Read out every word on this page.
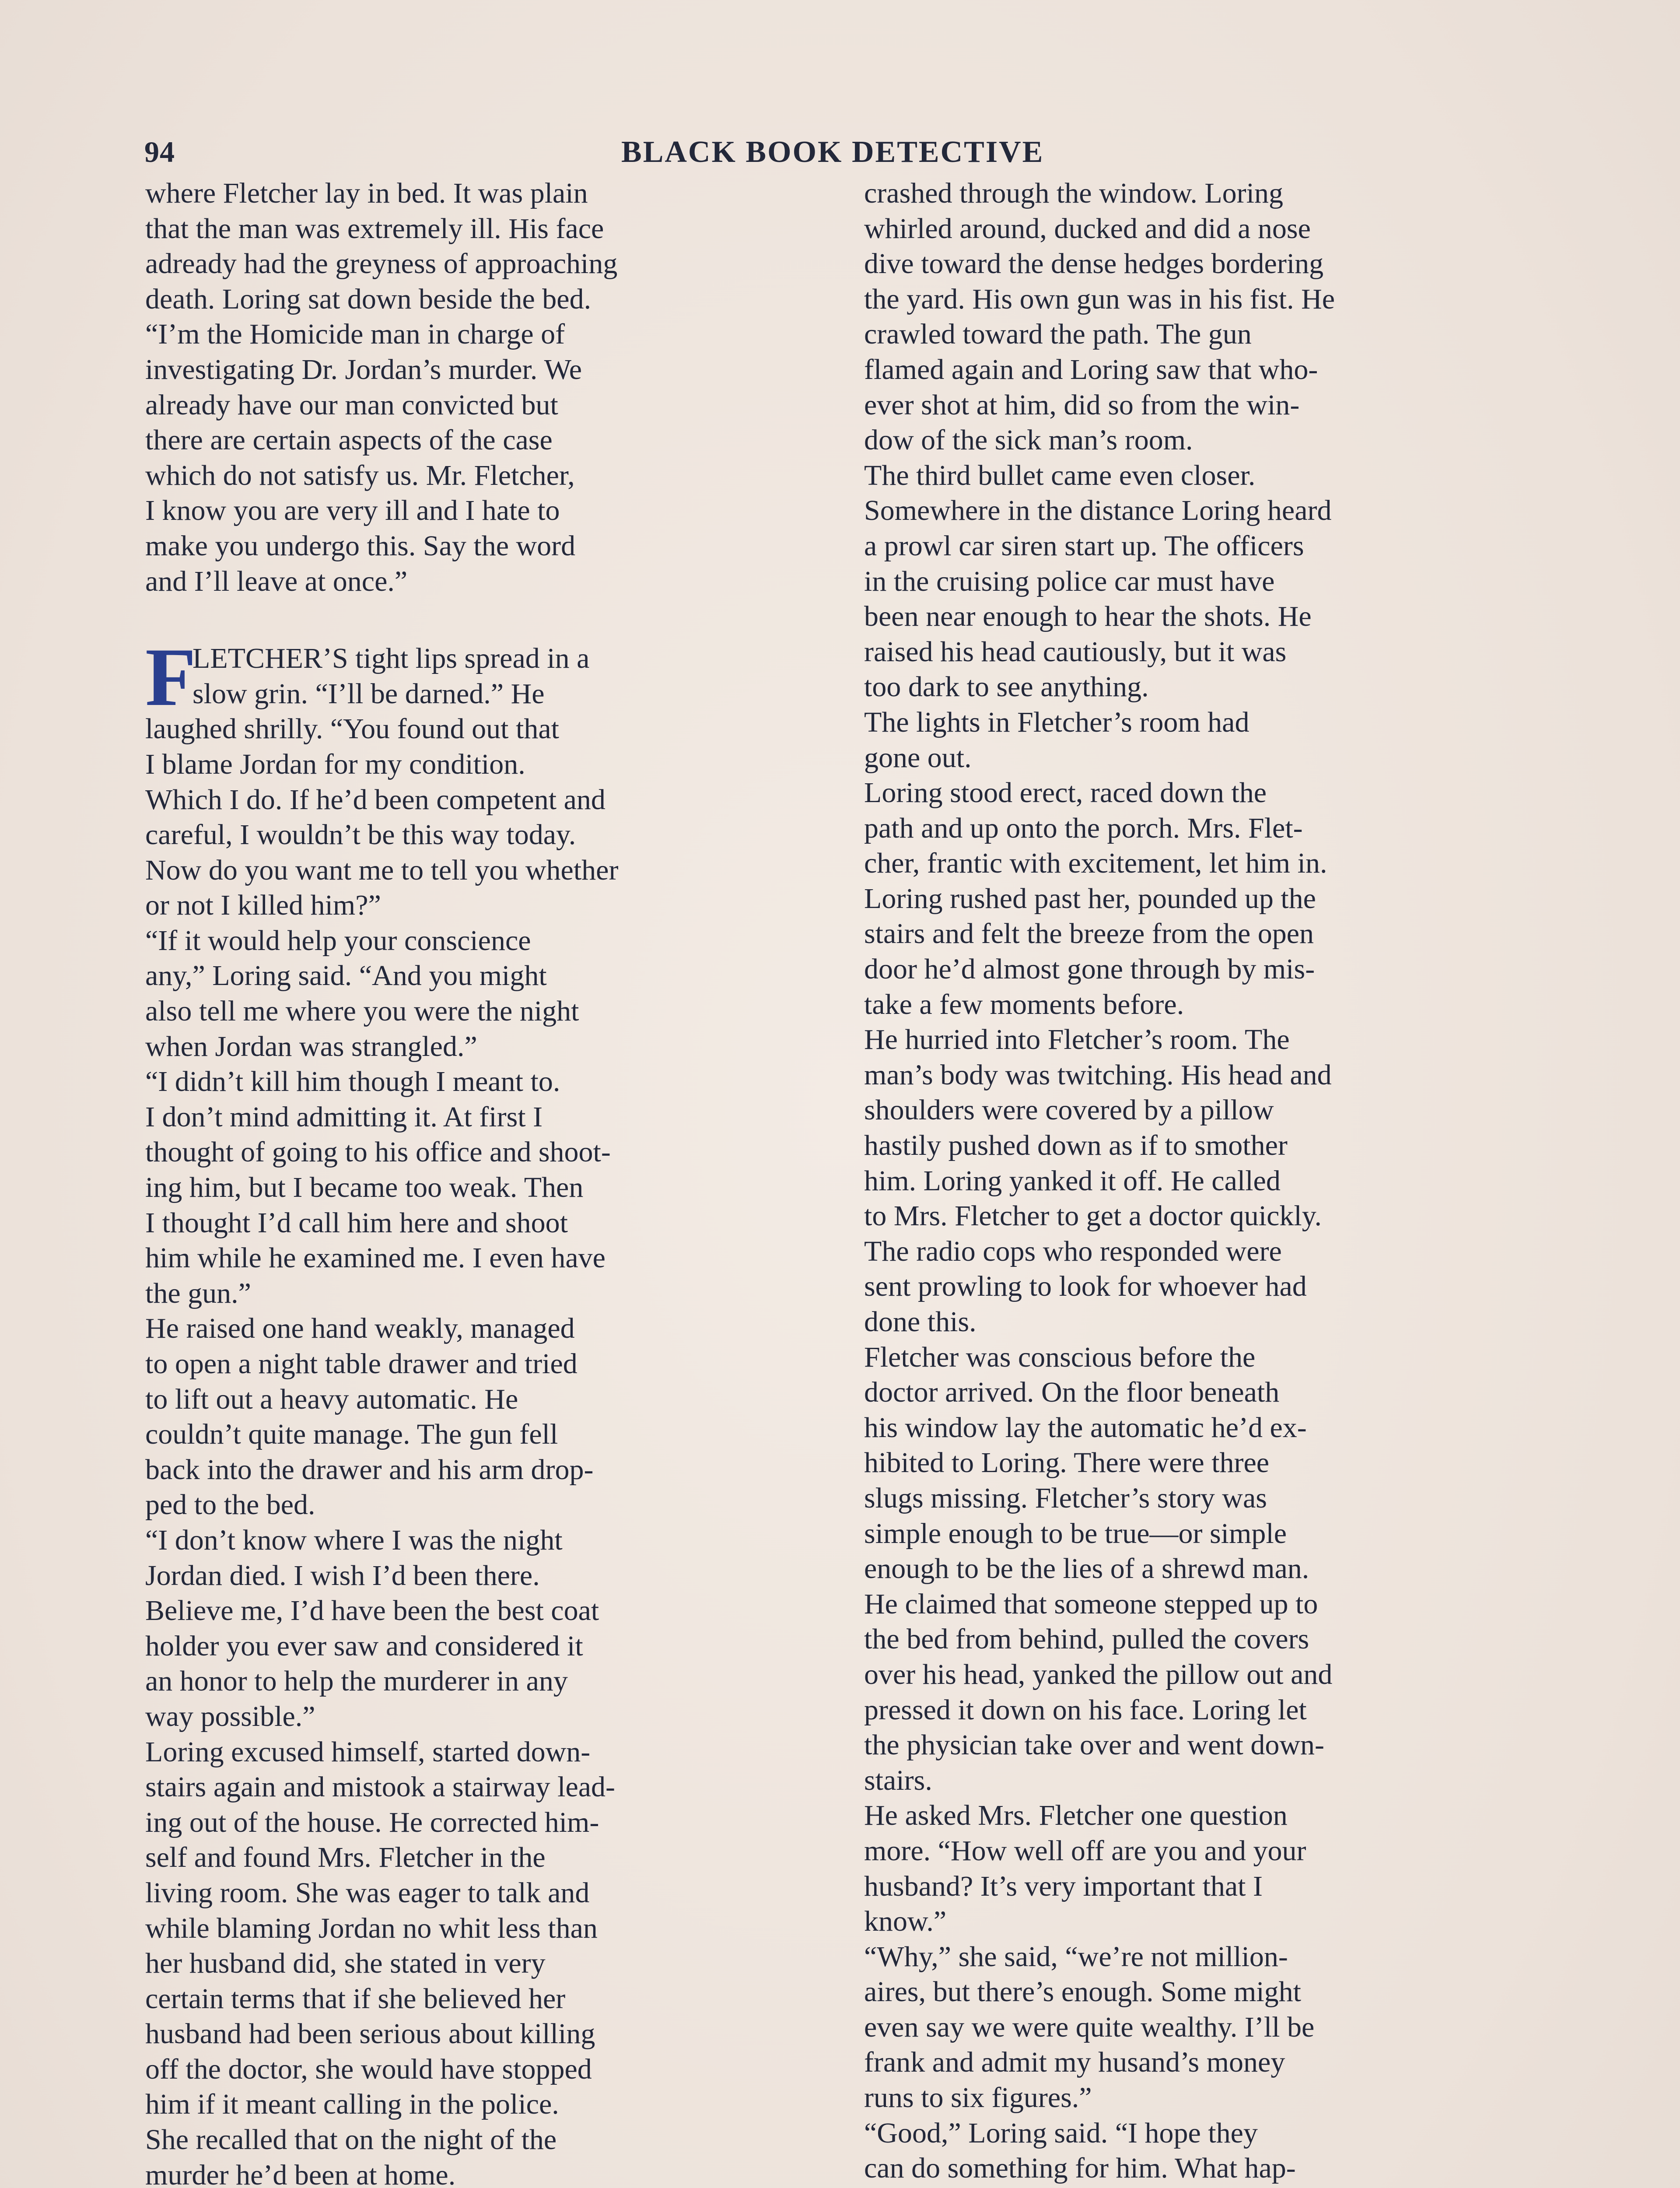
94	BLACK BOOK DETECTIVE
where Fletcher lay in bed. It was plain
that the man was extremely ill. His face
adready had the greyness of approaching
death. Loring sat down beside the bed.
“I’m the Homicide man in charge of
investigating Dr. Jordan’s murder. We
already have our man convicted but
there are certain aspects of the case
which do not satisfy us. Mr. Fletcher,
I know you are very ill and I hate to
make you undergo this. Say the word
and I’ll leave at once.”
F
LETCHER’S tight lips spread in a
slow grin. “I’ll be darned.” He
laughed shrilly. “You found out that
I blame Jordan for my condition.
Which I do. If he’d been competent and
careful, I wouldn’t be this way today.
Now do you want me to tell you whether
or not I killed him?”
“If it would help your conscience
any,” Loring said. “And you might
also tell me where you were the night
when Jordan was strangled.”
“I didn’t kill him though I meant to.
I don’t mind admitting it. At first I
thought of going to his office and shoot-
ing him, but I became too weak. Then
I thought I’d call him here and shoot
him while he examined me. I even have
the gun.”
He raised one hand weakly, managed
to open a night table drawer and tried
to lift out a heavy automatic. He
couldn’t quite manage. The gun fell
back into the drawer and his arm drop-
ped to the bed.
“I don’t know where I was the night
Jordan died. I wish I’d been there.
Believe me, I’d have been the best coat
holder you ever saw and considered it
an honor to help the murderer in any
way possible.”
Loring excused himself, started down-
stairs again and mistook a stairway lead-
ing out of the house. He corrected him-
self and found Mrs. Fletcher in the
living room. She was eager to talk and
while blaming Jordan no whit less than
her husband did, she stated in very
certain terms that if she believed her
husband had been serious about killing
off the doctor, she would have stopped
him if it meant calling in the police.
She recalled that on the night of the
murder he’d been at home.
crashed through the window. Loring
whirled around, ducked and did a nose
dive toward the dense hedges bordering
the yard. His own gun was in his fist. He
crawled toward the path. The gun
flamed again and Loring saw that who-
ever shot at him, did so from the win-
dow of the sick man’s room.
The third bullet came even closer.
Somewhere in the distance Loring heard
a prowl car siren start up. The officers
in the cruising police car must have
been near enough to hear the shots. He
raised his head cautiously, but it was
too dark to see anything.
The lights in Fletcher’s room had
gone out.
Loring stood erect, raced down the
path and up onto the porch. Mrs. Flet-
cher, frantic with excitement, let him in.
Loring rushed past her, pounded up the
stairs and felt the breeze from the open
door he’d almost gone through by mis-
take a few moments before.
He hurried into Fletcher’s room. The
man’s body was twitching. His head and
shoulders were covered by a pillow
hastily pushed down as if to smother
him. Loring yanked it off. He called
to Mrs. Fletcher to get a doctor quickly.
The radio cops who responded were
sent prowling to look for whoever had
done this.
Fletcher was conscious before the
doctor arrived. On the floor beneath
his window lay the automatic he’d ex-
hibited to Loring. There were three
slugs missing. Fletcher’s story was
simple enough to be true—or simple
enough to be the lies of a shrewd man.
He claimed that someone stepped up to
the bed from behind, pulled the covers
over his head, yanked the pillow out and
pressed it down on his face. Loring let
the physician take over and went down-
stairs.
He asked Mrs. Fletcher one question
more. “How well off are you and your
husband? It’s very important that I
know.”
“Why,” she said, “we’re not million-
aires, but there’s enough. Some might
even say we were quite wealthy. I’ll be
frank and admit my husand’s money
runs to six figures.”
“Good,” Loring said. “I hope they
can do something for him. What hap-
